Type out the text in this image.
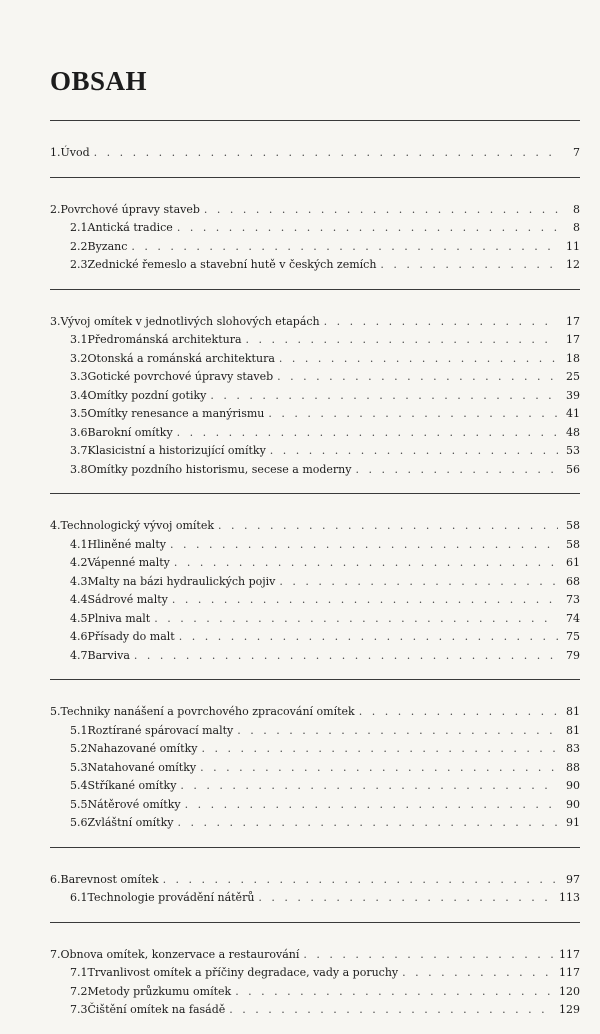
OBSAH
1. Úvod . . .	7
2. Povrchové úpravy staveb . . .	8
2.1 Antická tradice . . .	8
2.2 Byzanc . . .	11
2.3 Zednické řemeslo a stavební hutě v českých zemích . . .	12
3. Vývoj omítek v jednotlivých slohových etapách . . .	17
3.1 Předrománská architektura . . .	17
3.2 Otonská a románská architektura . . .	18
3.3 Gotické povrchové úpravy staveb . . .	25
3.4 Omítky pozdní gotiky . . .	39
3.5 Omítky renesance a manýrismu . . .	41
3.6 Barokní omítky . . .	48
3.7 Klasicistní a historizující omítky . . .	53
3.8 Omítky pozdního historismu, secese a moderny . . .	56
4. Technologický vývoj omítek . . .	58
4.1 Hliněné malty . . .	58
4.2 Vápenné malty . . .	61
4.3 Malty na bázi hydraulických pojiv . . .	68
4.4 Sádrové malty . . .	73
4.5 Plniva malt . . .	74
4.6 Přísady do malt . . .	75
4.7 Barviva . . .	79
5. Techniky nanášení a povrchového zpracování omítek . . .	81
5.1 Roztírané spárovací malty . . .	81
5.2 Nahazované omítky . . .	83
5.3 Natahované omítky . . .	88
5.4 Stříkané omítky . . .	90
5.5 Nátěrové omítky . . .	90
5.6 Zvláštní omítky . . .	91
6. Barevnost omítek . . .	97
6.1 Technologie provádění nátěrů . . .	113
7. Obnova omítek, konzervace a restaurování . . .	117
7.1 Trvanlivost omítek a příčiny degradace, vady a poruchy . . .	117
7.2 Metody průzkumu omítek . . .	120
7.3 Čištění omítek na fasádě . . .	129
